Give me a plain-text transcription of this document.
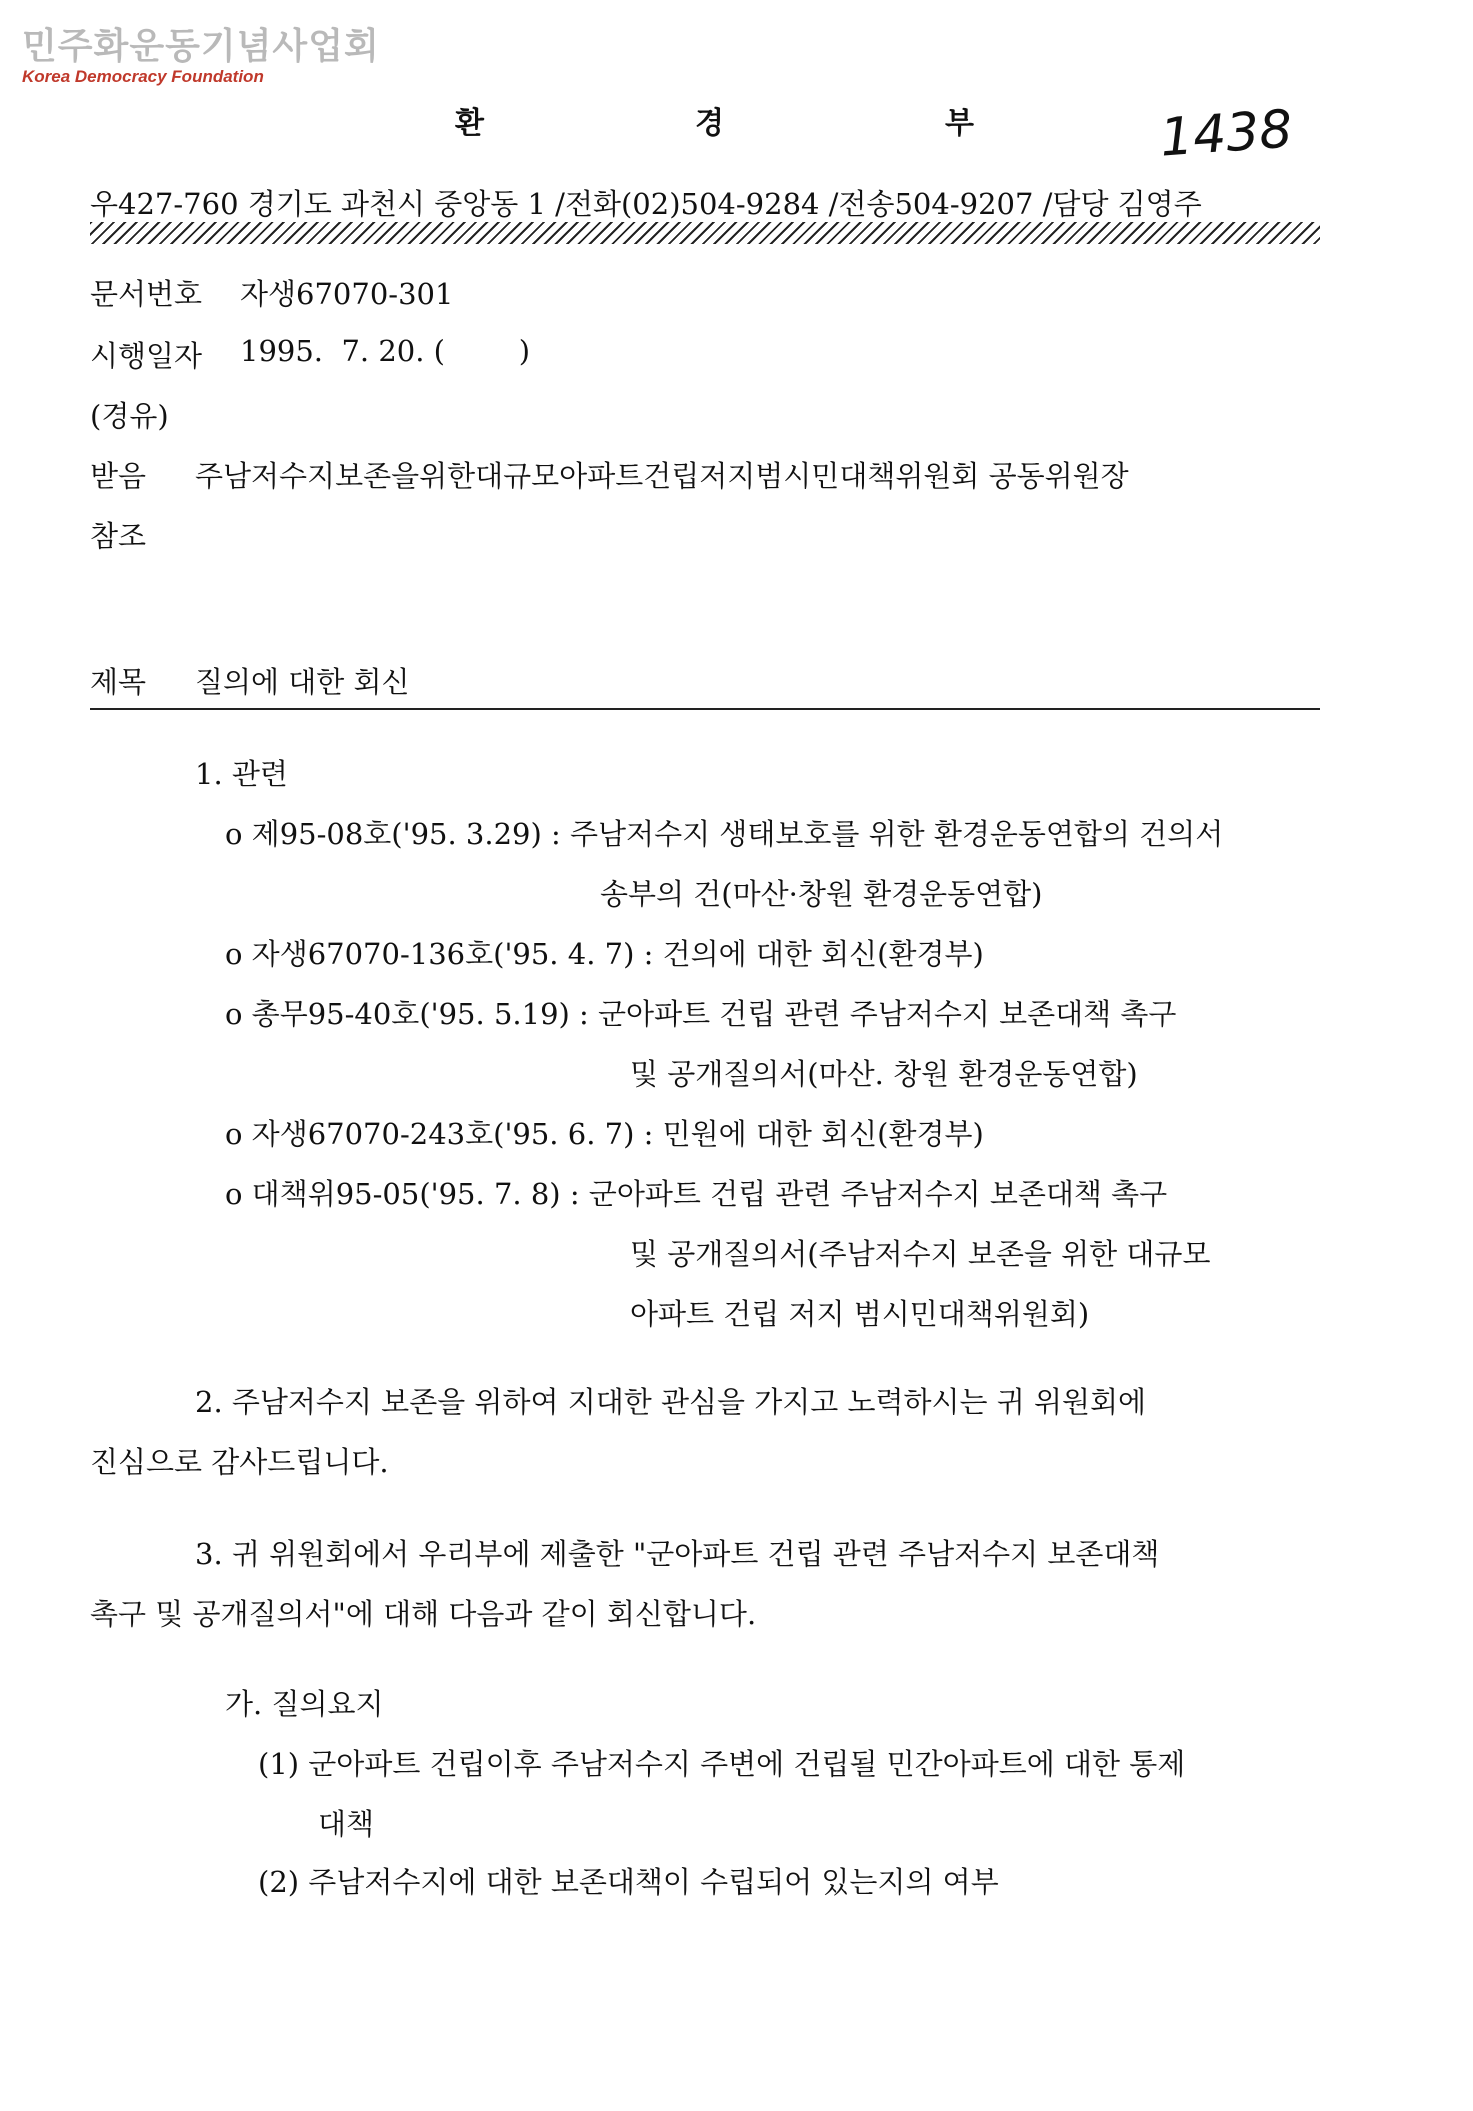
민주화운동기념사업회
Korea Democracy Foundation
환	경	부	1438
우427-760 경기도 과천시 중앙동 1 /전화(02)504-9284 /전송504-9207 /담당 김영주
문서번호 자생67070-301
시행일자 1995.  7. 20. (        )
(경유)
받음 주남저수지보존을위한대규모아파트건립저지범시민대책위원회 공동위원장
참조
제목 질의에 대한 회신
1. 관련
o 제95-08호('95. 3.29) : 주남저수지 생태보호를 위한 환경운동연합의 건의서
송부의 건(마산·창원 환경운동연합)
o 자생67070-136호('95. 4. 7) : 건의에 대한 회신(환경부)
o 총무95-40호('95. 5.19) : 군아파트 건립 관련 주남저수지 보존대책 촉구
및 공개질의서(마산. 창원 환경운동연합)
o 자생67070-243호('95. 6. 7) : 민원에 대한 회신(환경부)
o 대책위95-05('95. 7. 8) : 군아파트 건립 관련 주남저수지 보존대책 촉구
및 공개질의서(주남저수지 보존을 위한 대규모
아파트 건립 저지 범시민대책위원회)
2. 주남저수지 보존을 위하여 지대한 관심을 가지고 노력하시는 귀 위원회에
진심으로 감사드립니다.
3. 귀 위원회에서 우리부에 제출한 "군아파트 건립 관련 주남저수지 보존대책
촉구 및 공개질의서"에 대해 다음과 같이 회신합니다.
가. 질의요지
(1) 군아파트 건립이후 주남저수지 주변에 건립될 민간아파트에 대한 통제
대책
(2) 주남저수지에 대한 보존대책이 수립되어 있는지의 여부
